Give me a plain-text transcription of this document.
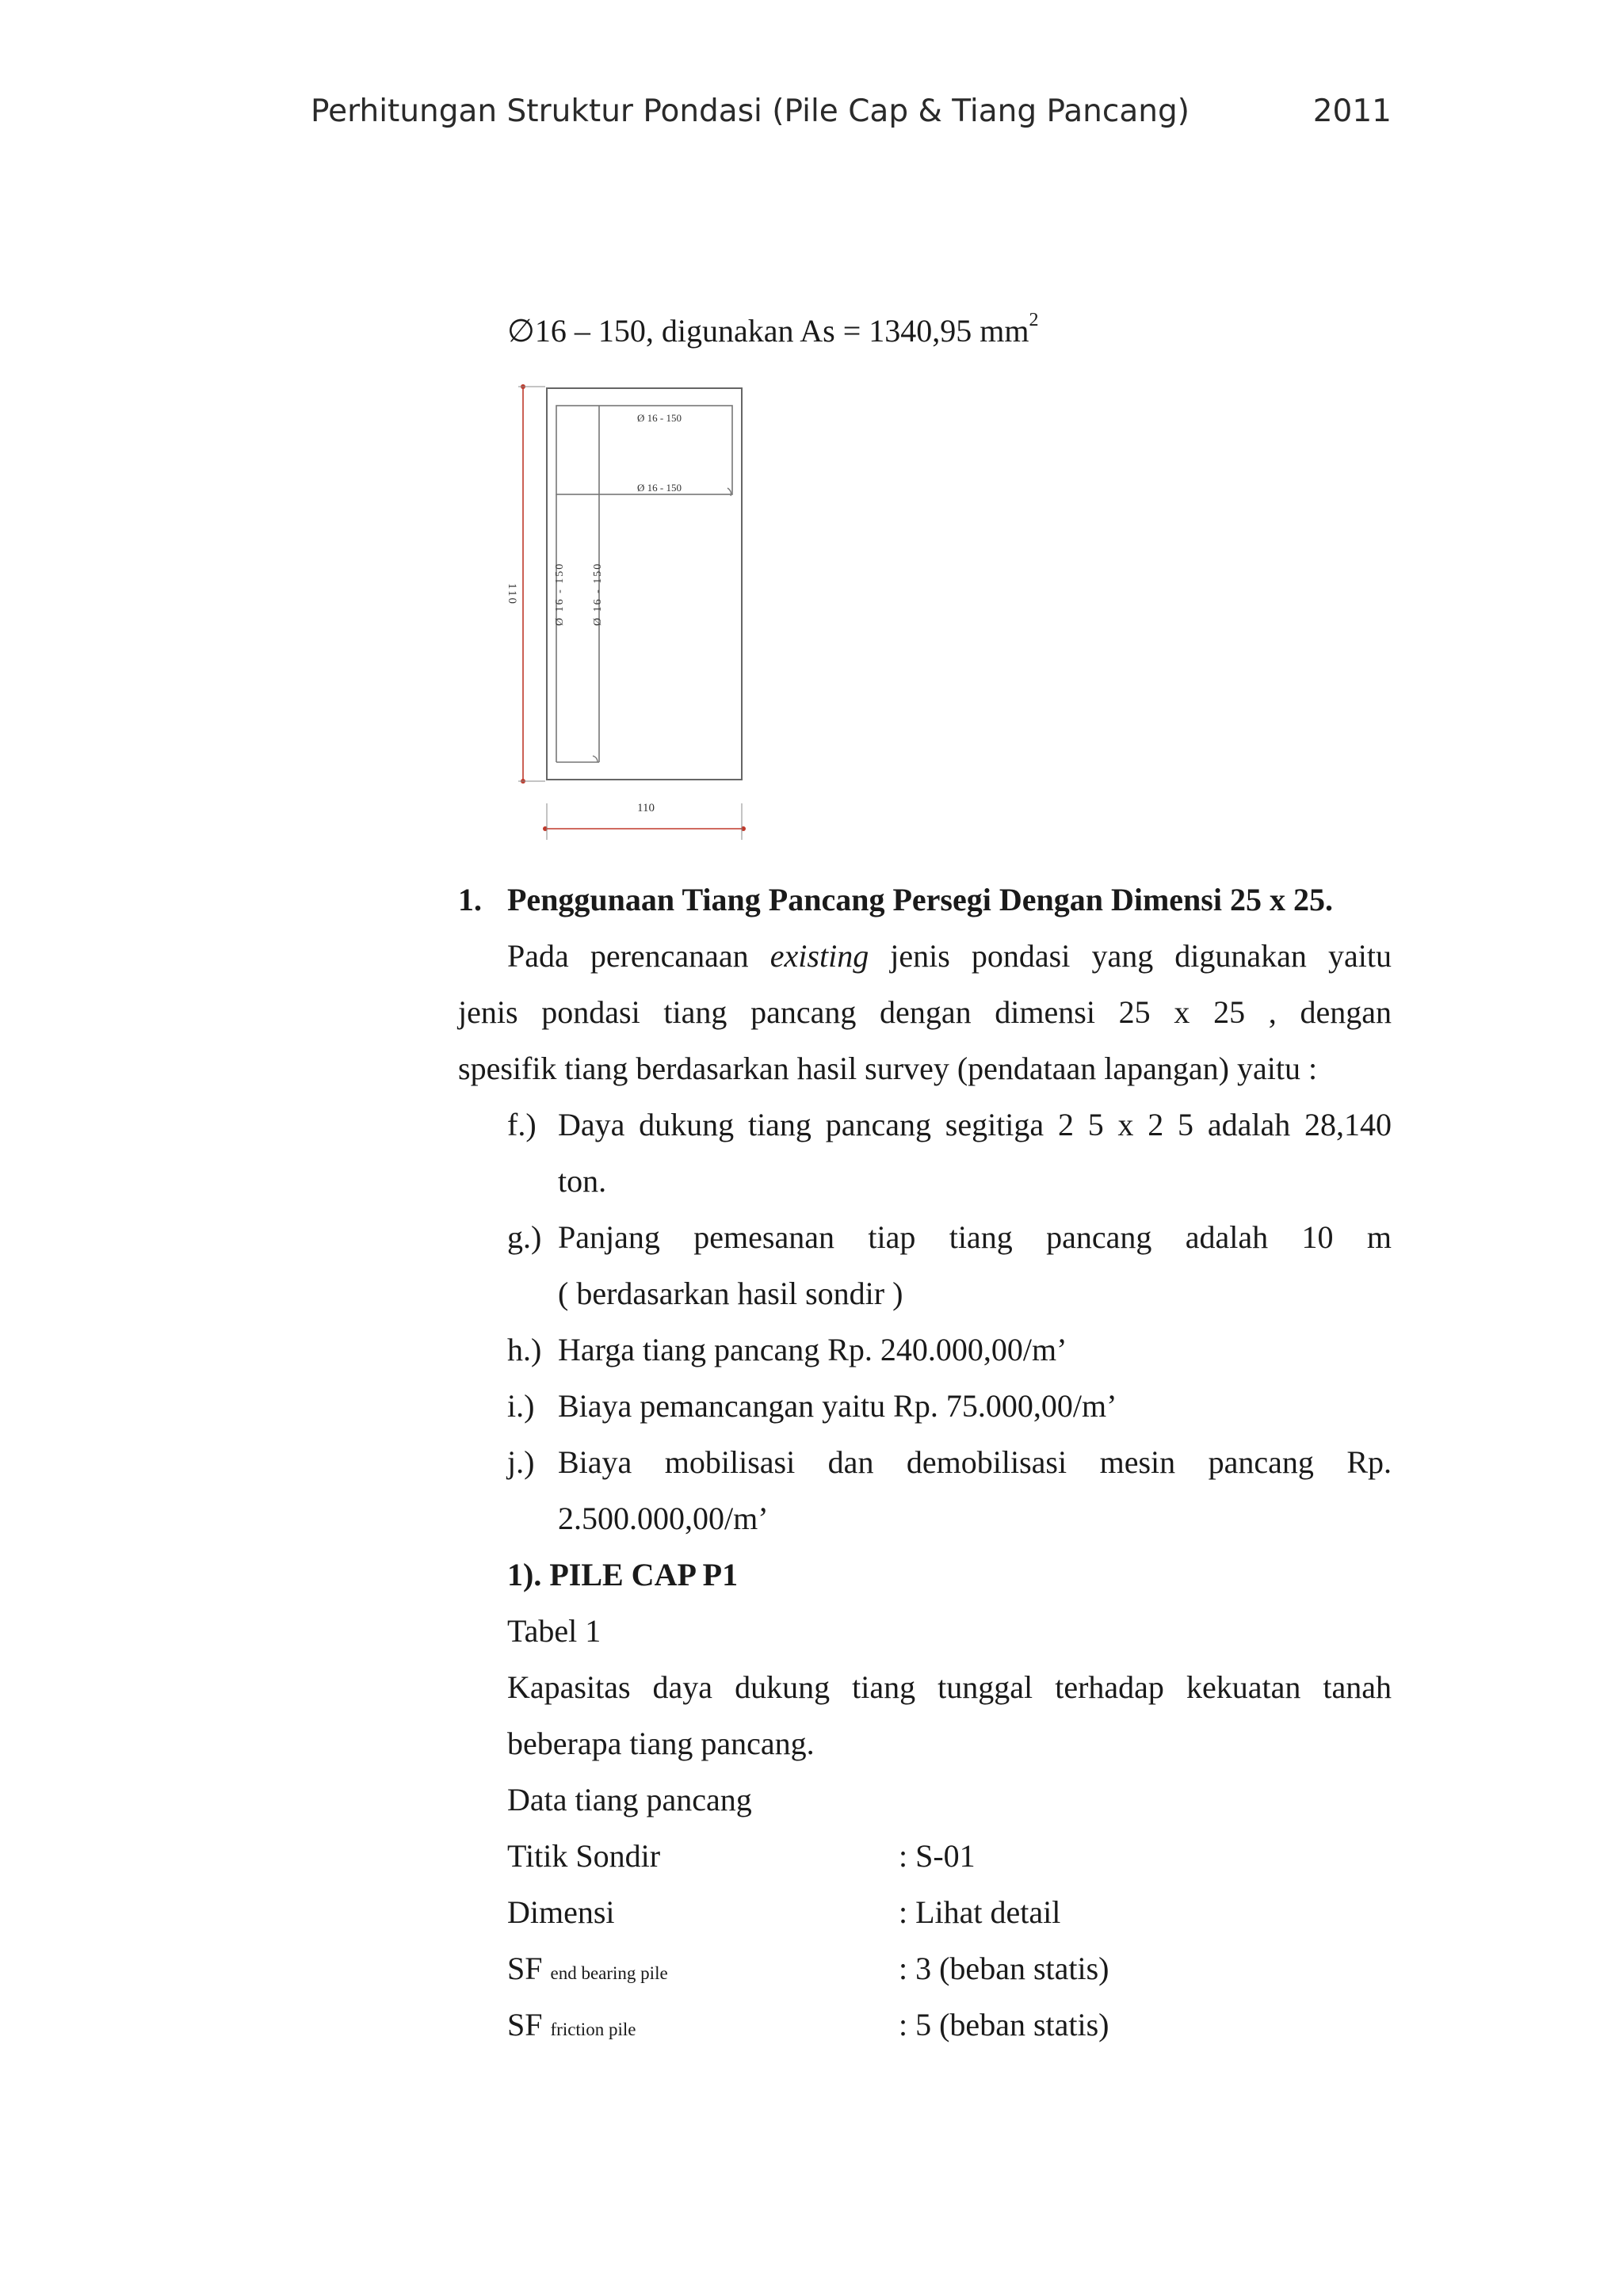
Perhitungan Struktur Pondasi (Pile Cap & Tiang Pancang)	2011
∅16 – 150, digunakan As = 1340,95 $mm^2$
Ø 16 - 150
Ø 16 - 150
Ø 16 - 150 Ø 16 - 150
110
110
1. Penggunaan Tiang Pancang Persegi Dengan Dimensi 25 x 25.
Pada perencanaan existing jenis pondasi yang digunakan yaitu
jenis pondasi tiang pancang dengan dimensi 25 x 25 , dengan
spesifik tiang berdasarkan hasil survey (pendataan lapangan) yaitu :
f.) Daya dukung tiang pancang segitiga 2 5 x 2 5 adalah 28,140
ton.
g.) Panjang pemesanan tiap tiang pancang adalah 10 m
( berdasarkan hasil sondir )
h.) Harga tiang pancang Rp. 240.000,00/m’
i.) Biaya pemancangan yaitu Rp. 75.000,00/m’
j.) Biaya mobilisasi dan demobilisasi mesin pancang Rp.
2.500.000,00/m’
1). PILE CAP P1
Tabel 1
Kapasitas daya dukung tiang tunggal terhadap kekuatan tanah
beberapa tiang pancang.
Data tiang pancang
Titik Sondir	: S-01
Dimensi	: Lihat detail
SF end bearing pile	: 3 (beban statis)
SF friction pile	: 5 (beban statis)
